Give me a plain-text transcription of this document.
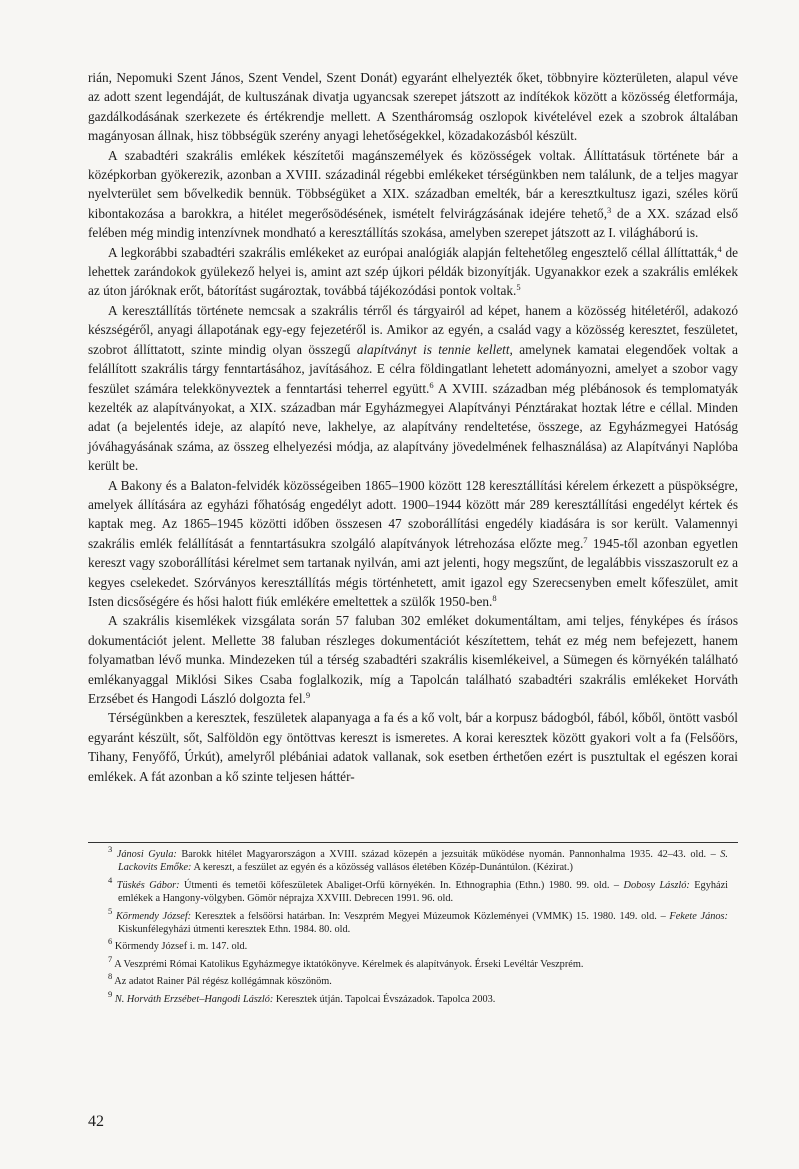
rián, Nepomuki Szent János, Szent Vendel, Szent Donát) egyaránt elhelyezték őket, többnyire közterületen, alapul véve az adott szent legendáját, de kultuszának divatja ugyancsak szerepet játszott az indítékok között a közösség életformája, gazdálkodásának szerkezete és értékrendje mellett. A Szentháromság oszlopok kivételével ezek a szobrok általában magányosan állnak, hisz többségük szerény anyagi lehetőségekkel, közadakozásból készült.

A szabadtéri szakrális emlékek készítetői magánszemélyek és közösségek voltak. Állíttatásuk története bár a középkorban gyökerezik, azonban a XVIII. századinál régebbi emlékeket térségünkben nem találunk, de a teljes magyar nyelvterület sem bővelkedik bennük. Többségüket a XIX. században emelték, bár a keresztkultusz igazi, széles körű kibontakozása a barokkra, a hitélet megerősödésének, ismételt felvirágzásának idejére tehető,$^3$ de a XX. század első felében még mindig intenzívnek mondható a keresztállítás szokása, amelyben szerepet játszott az I. világháború is.

A legkorábbi szabadtéri szakrális emlékeket az európai analógiák alapján feltehetőleg engesztelő céllal állíttatták,$^4$ de lehettek zarándokok gyülekező helyei is, amint azt szép újkori példák bizonyítják. Ugyanakkor ezek a szakrális emlékek az úton járóknak erőt, bátorítást sugároztak, továbbá tájékozódási pontok voltak.$^5$

A keresztállítás története nemcsak a szakrális térről és tárgyairól ad képet, hanem a közösség hitéletéről, adakozó készségéről, anyagi állapotának egy-egy fejezetéről is. Amikor az egyén, a család vagy a közösség keresztet, feszületet, szobrot állíttatott, szinte mindig olyan összegű alapítványt is tennie kellett, amelynek kamatai elegendőek voltak a felállított szakrális tárgy fenntartásához, javításához. E célra földingatlant lehetett adományozni, amelyet a szobor vagy feszület számára telekkönyveztek a fenntartási teherrel együtt.$^6$ A XVIII. században még plébánosok és templomatyák kezelték az alapítványokat, a XIX. században már Egyházmegyei Alapítványi Pénztárakat hoztak létre e céllal. Minden adat (a bejelentés ideje, az alapító neve, lakhelye, az alapítvány rendeltetése, összege, az Egyházmegyei Hatóság jóváhagyásának száma, az összeg elhelyezési módja, az alapítvány jövedelmének felhasználása) az Alapítványi Naplóba került be.

A Bakony és a Balaton-felvidék közösségeiben 1865–1900 között 128 keresztállítási kérelem érkezett a püspökségre, amelyek állítására az egyházi főhatóság engedélyt adott. 1900–1944 között már 289 keresztállítási engedélyt kértek és kaptak meg. Az 1865–1945 közötti időben összesen 47 szoborállítási engedély kiadására is sor került. Valamennyi szakrális emlék felállítását a fenntartásukra szolgáló alapítványok létrehozása előzte meg.$^7$ 1945-től azonban egyetlen kereszt vagy szoborállítási kérelmet sem tartanak nyilván, ami azt jelenti, hogy megszűnt, de legalábbis visszaszorult ez a kegyes cselekedet. Szórványos keresztállítás mégis történhetett, amit igazol egy Szerecsenyben emelt kőfeszület, amit Isten dicsőségére és hősi halott fiúk emlékére emeltettek a szülők 1950-ben.$^8$

A szakrális kisemlékek vizsgálata során 57 faluban 302 emléket dokumentáltam, ami teljes, fényképes és írásos dokumentációt jelent. Mellette 38 faluban részleges dokumentációt készítettem, tehát ez még nem befejezett, hanem folyamatban lévő munka. Mindezeken túl a térség szabadtéri szakrális kisemlékeivel, a Sümegen és környékén található emlékanyaggal Miklósi Sikes Csaba foglalkozik, míg a Tapolcán található szabadtéri szakrális emlékeket Horváth Erzsébet és Hangodi László dolgozta fel.$^9$

Térségünkben a keresztek, feszületek alapanyaga a fa és a kő volt, bár a korpusz bádogból, fából, kőből, öntött vasból egyaránt készült, sőt, Salföldön egy öntöttvas kereszt is ismeretes. A korai keresztek között gyakori volt a fa (Felsőörs, Tihany, Fenyőfő, Úrkút), amelyről plébániai adatok vallanak, sok esetben érthetően ezért is pusztultak el egészen korai emlékek. A fát azonban a kő szinte teljesen háttér-

$^3$ Jánosi Gyula: Barokk hitélet Magyarországon a XVIII. század közepén a jezsuiták működése nyomán. Pannonhalma 1935. 42–43. old. – S. Lackovits Emőke: A kereszt, a feszület az egyén és a közösség vallásos életében Közép-Dunántúlon. (Kézirat.)

$^4$ Tüskés Gábor: Útmenti és temetői kőfeszületek Abaliget-Orfű környékén. In. Ethnographia (Ethn.) 1980. 99. old. – Dobosy László: Egyházi emlékek a Hangony-völgyben. Gömör néprajza XXVIII. Debrecen 1991. 96. old.

$^5$ Körmendy József: Keresztek a felsőörsi határban. In: Veszprém Megyei Múzeumok Közleményei (VMMK) 15. 1980. 149. old. – Fekete János: Kiskunfélegyházi útmenti keresztek Ethn. 1984. 80. old.

$^6$ Körmendy József i. m. 147. old.

$^7$ A Veszprémi Római Katolikus Egyházmegye iktatókönyve. Kérelmek és alapítványok. Érseki Levéltár Veszprém.

$^8$ Az adatot Rainer Pál régész kollégámnak köszönöm.

$^9$ N. Horváth Erzsébet–Hangodi László: Keresztek útján. Tapolcai Évszázadok. Tapolca 2003.

42
